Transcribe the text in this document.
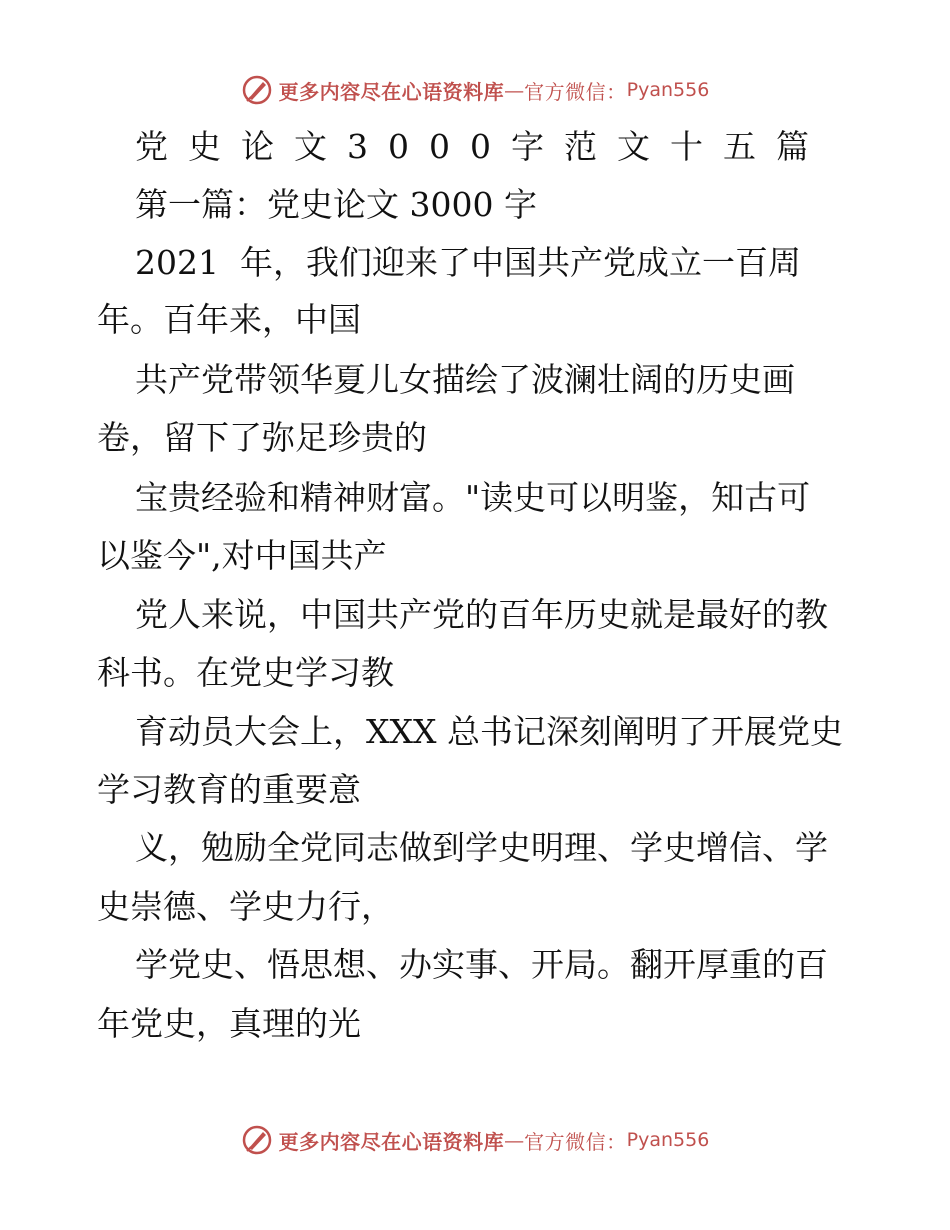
更多内容尽在心语资料库 — 官方微信： Pyan556
党史论文3000字范文十五篇
第一篇：党史论文 3000 字
2021  年，我们迎来了中国共产党成立一百周
年。百年来，中国
共产党带领华夏儿女描绘了波澜壮阔的历史画
卷，留下了弥足珍贵的
宝贵经验和精神财富。"读史可以明鉴，知古可
以鉴今",对中国共产
党人来说，中国共产党的百年历史就是最好的教
科书。在党史学习教
育动员大会上，XXX 总书记深刻阐明了开展党史
学习教育的重要意
义，勉励全党同志做到学史明理、学史增信、学
史崇德、学史力行，
学党史、悟思想、办实事、开局。翻开厚重的百
年党史，真理的光
更多内容尽在心语资料库 — 官方微信： Pyan556
